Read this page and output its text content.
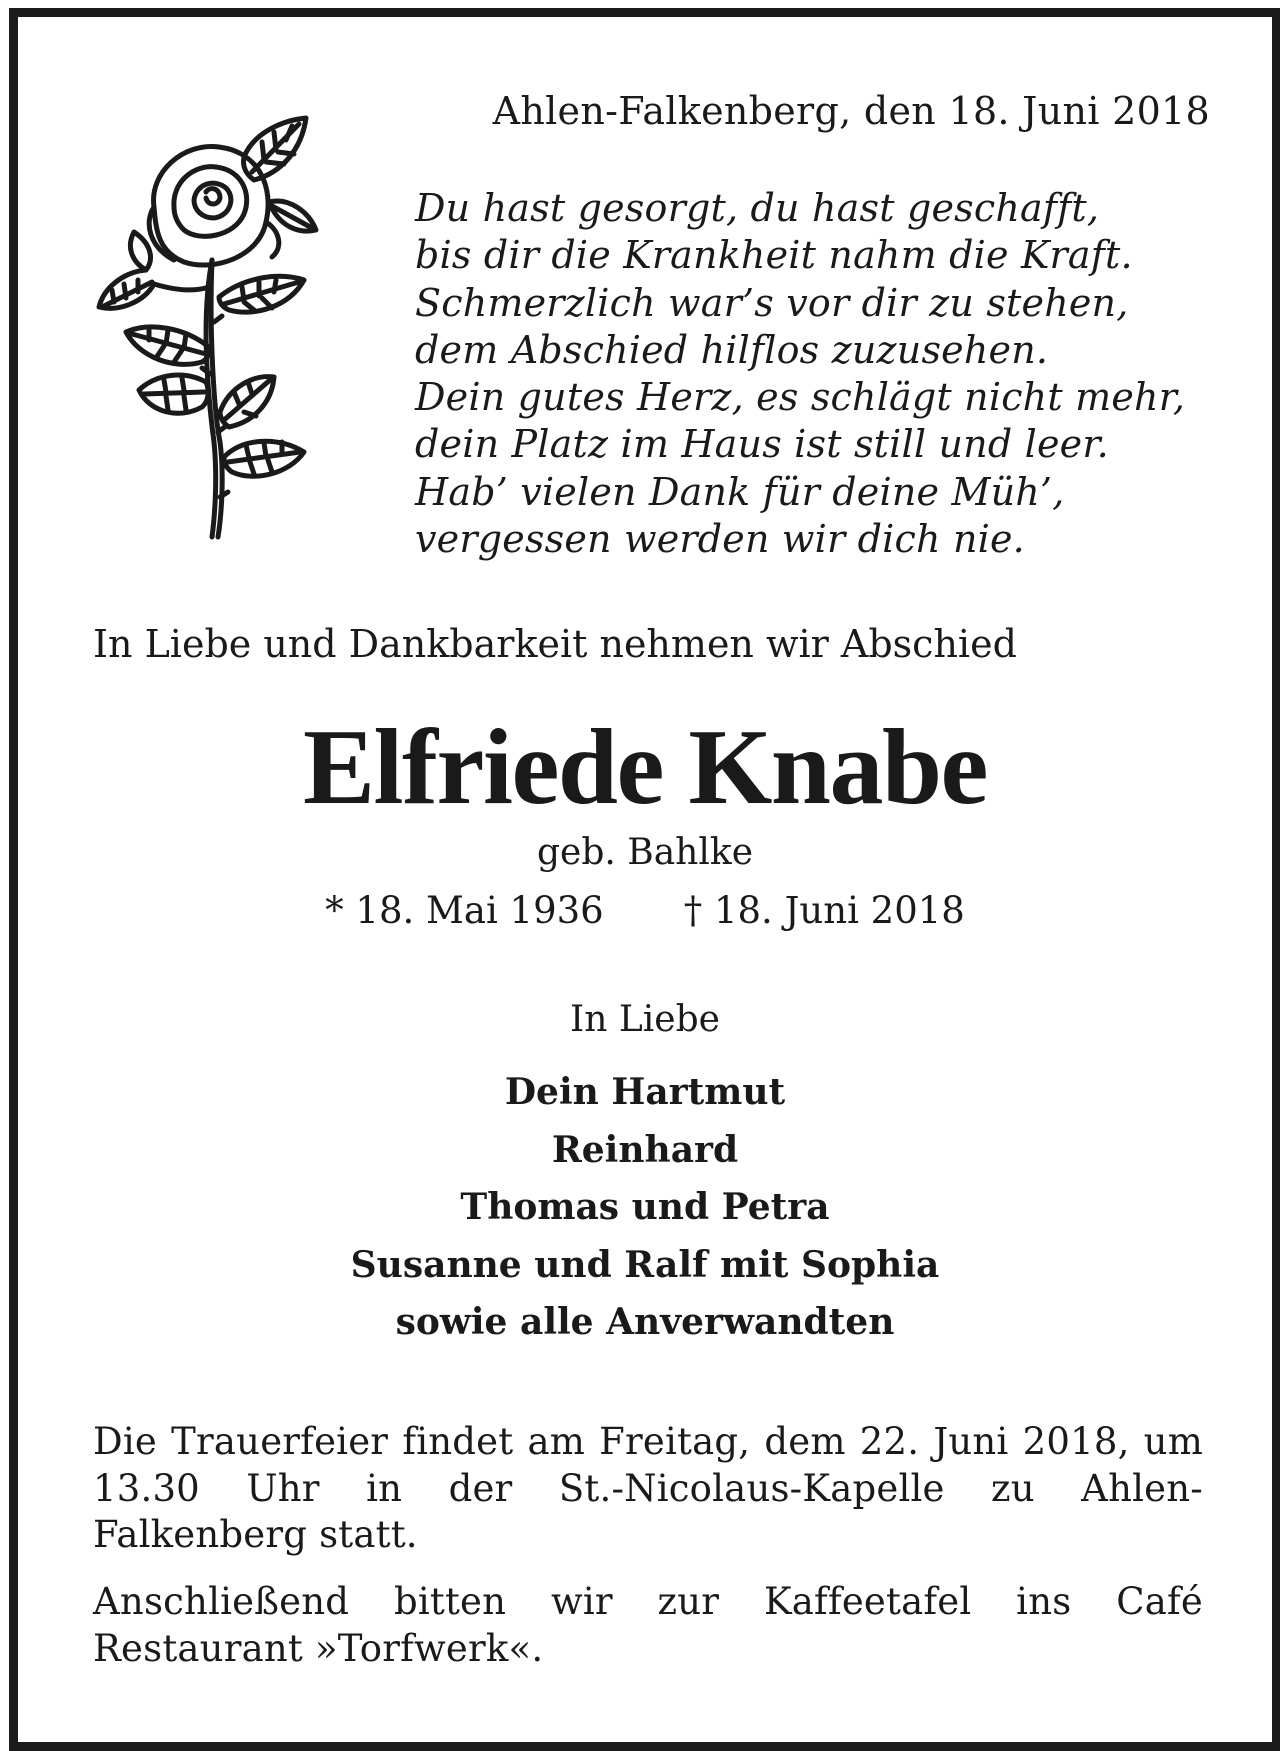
Ahlen-Falkenberg, den 18. Juni 2018
Du hast gesorgt, du hast geschafft,
bis dir die Krankheit nahm die Kraft.
Schmerzlich war’s vor dir zu stehen,
dem Abschied hilflos zuzusehen.
Dein gutes Herz, es schlägt nicht mehr,
dein Platz im Haus ist still und leer.
Hab’ vielen Dank für deine Müh’,
vergessen werden wir dich nie.
In Liebe und Dankbarkeit nehmen wir Abschied
Elfriede Knabe
geb. Bahlke
* 18. Mai 1936 † 18. Juni 2018
In Liebe
Dein Hartmut
Reinhard
Thomas und Petra
Susanne und Ralf mit Sophia
sowie alle Anverwandten
Die Trauerfeier findet am Freitag, dem 22. Juni 2018, um 13.30 Uhr in der St.-Nicolaus-Kapelle zu Ahlen-Falkenberg statt.
Anschließend bitten wir zur Kaffeetafel ins Café Restaurant »Torfwerk«.
